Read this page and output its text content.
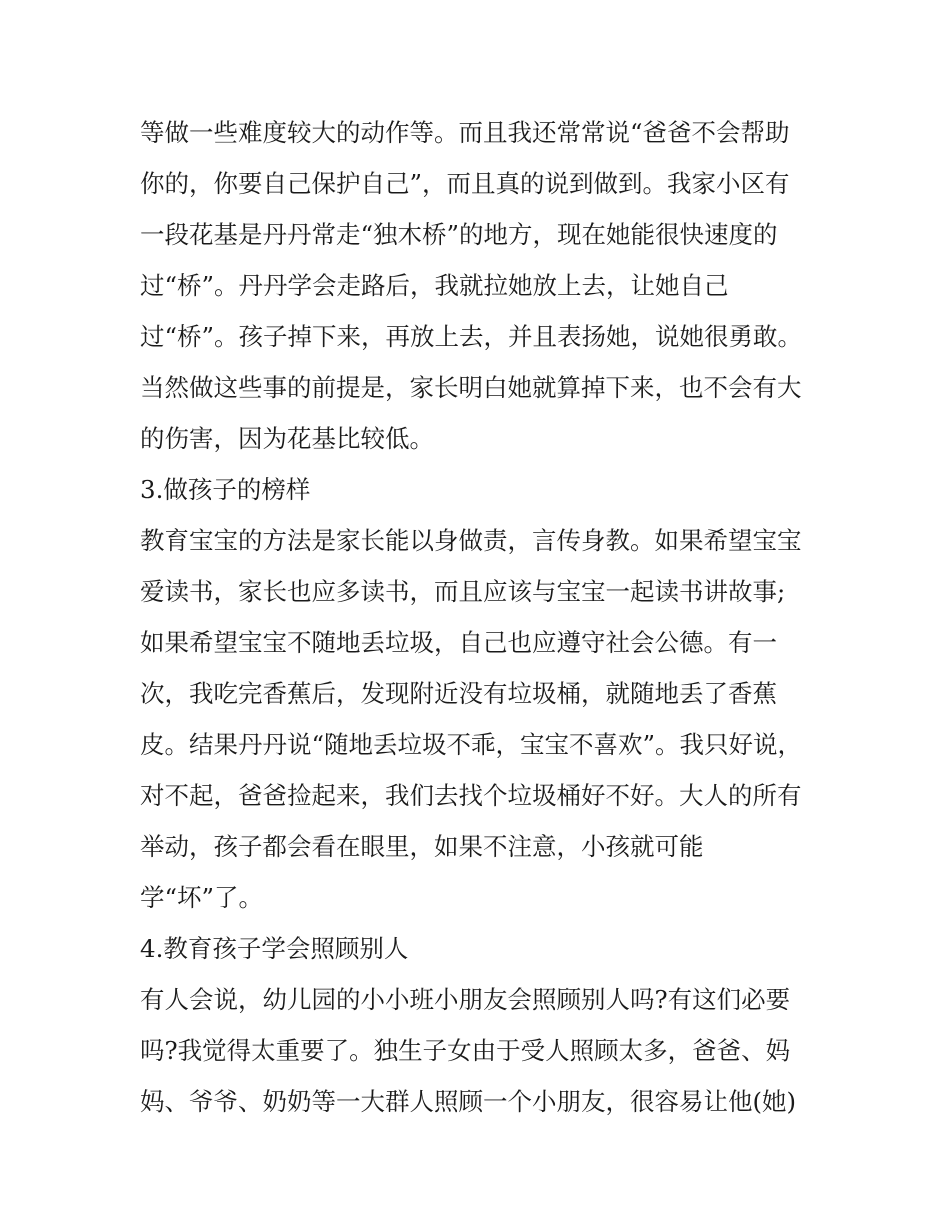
等做一些难度较大的动作等。而且我还常常说“爸爸不会帮助
你的，你要自己保护自己”，而且真的说到做到。我家小区有
一段花基是丹丹常走“独木桥”的地方，现在她能很快速度的
过“桥”。丹丹学会走路后，我就拉她放上去，让她自己
过“桥”。孩子掉下来，再放上去，并且表扬她，说她很勇敢。
当然做这些事的前提是，家长明白她就算掉下来，也不会有大
的伤害，因为花基比较低。
3.做孩子的榜样
教育宝宝的方法是家长能以身做责，言传身教。如果希望宝宝
爱读书，家长也应多读书，而且应该与宝宝一起读书讲故事;
如果希望宝宝不随地丢垃圾，自己也应遵守社会公德。有一
次，我吃完香蕉后，发现附近没有垃圾桶，就随地丢了香蕉
皮。结果丹丹说“随地丢垃圾不乖，宝宝不喜欢”。我只好说，
对不起，爸爸捡起来，我们去找个垃圾桶好不好。大人的所有
举动，孩子都会看在眼里，如果不注意，小孩就可能
学“坏”了。
4.教育孩子学会照顾别人
有人会说，幼儿园的小小班小朋友会照顾别人吗?有这们必要
吗?我觉得太重要了。独生子女由于受人照顾太多，爸爸、妈
妈、爷爷、奶奶等一大群人照顾一个小朋友，很容易让他(她)
